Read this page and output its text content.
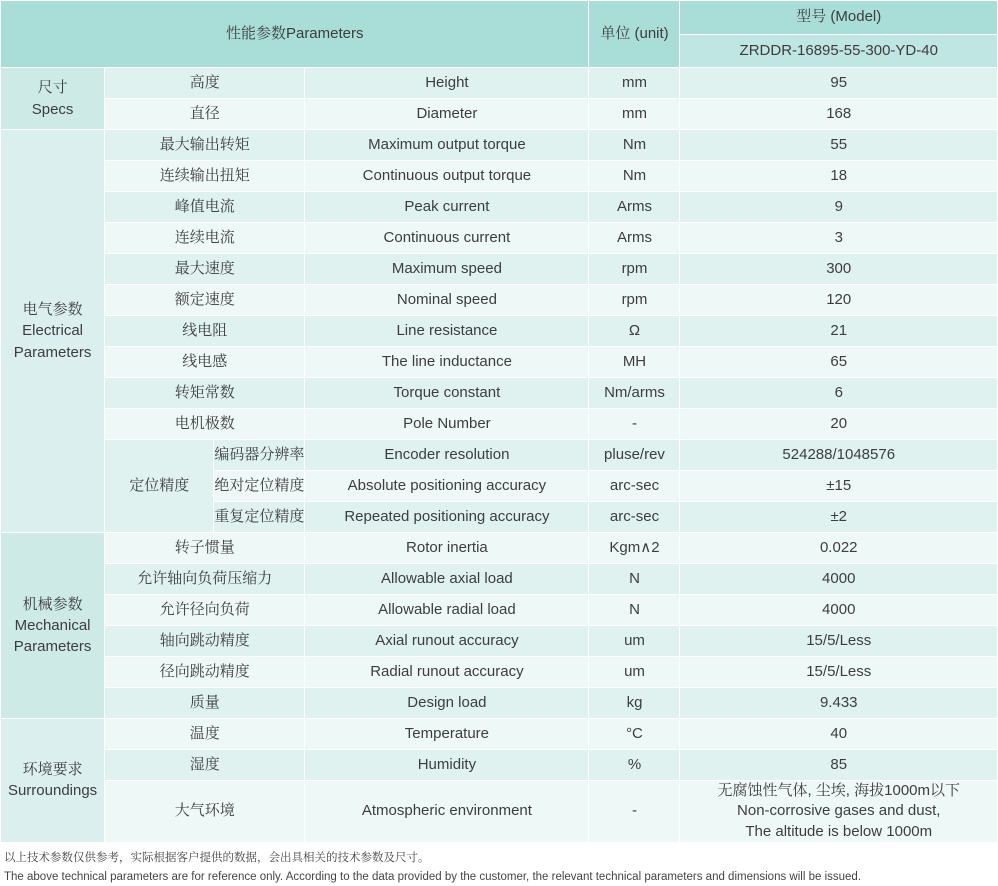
性能参数Parameters				单位 (unit)	型号 (Model)
					ZRDDR-16895-55-300-YD-40
尺寸
Specs	高度		Height	mm	95
	直径		Diameter	mm	168
电气参数
Electrical
Parameters	最大输出转矩		Maximum output torque	Nm	55
	连续输出扭矩		Continuous output torque	Nm	18
	峰值电流		Peak current	Arms	9
	连续电流		Continuous current	Arms	3
	最大速度		Maximum speed	rpm	300
	额定速度		Nominal speed	rpm	120
	线电阻		Line resistance	Ω	21
	线电感		The line inductance	MH	65
	转矩常数		Torque constant	Nm/arms	6
	电机极数		Pole Number	-	20
	定位精度	编码器分辨率	Encoder resolution	pluse/rev	524288/1048576
		绝对定位精度	Absolute positioning accuracy	arc-sec	±15
		重复定位精度	Repeated positioning accuracy	arc-sec	±2
机械参数
Mechanical
Parameters	转子惯量		Rotor inertia	Kgm∧2	0.022
	允许轴向负荷压缩力		Allowable axial load	N	4000
	允许径向负荷		Allowable radial load	N	4000
	轴向跳动精度		Axial runout accuracy	um	15/5/Less
	径向跳动精度		Radial runout accuracy	um	15/5/Less
	质量		Design load	kg	9.433
环境要求
Surroundings	温度		Temperature	°C	40
	湿度		Humidity	%	85
	大气环境		Atmospheric environment	-	无腐蚀性气体, 尘埃, 海拔1000m以下
Non-corrosive gases and dust,
The altitude is below 1000m
以上技术参数仅供参考，实际根据客户提供的数据，会出具相关的技术参数及尺寸。
The above technical parameters are for reference only. According to the data provided by the customer, the relevant technical parameters and dimensions will be issued.
